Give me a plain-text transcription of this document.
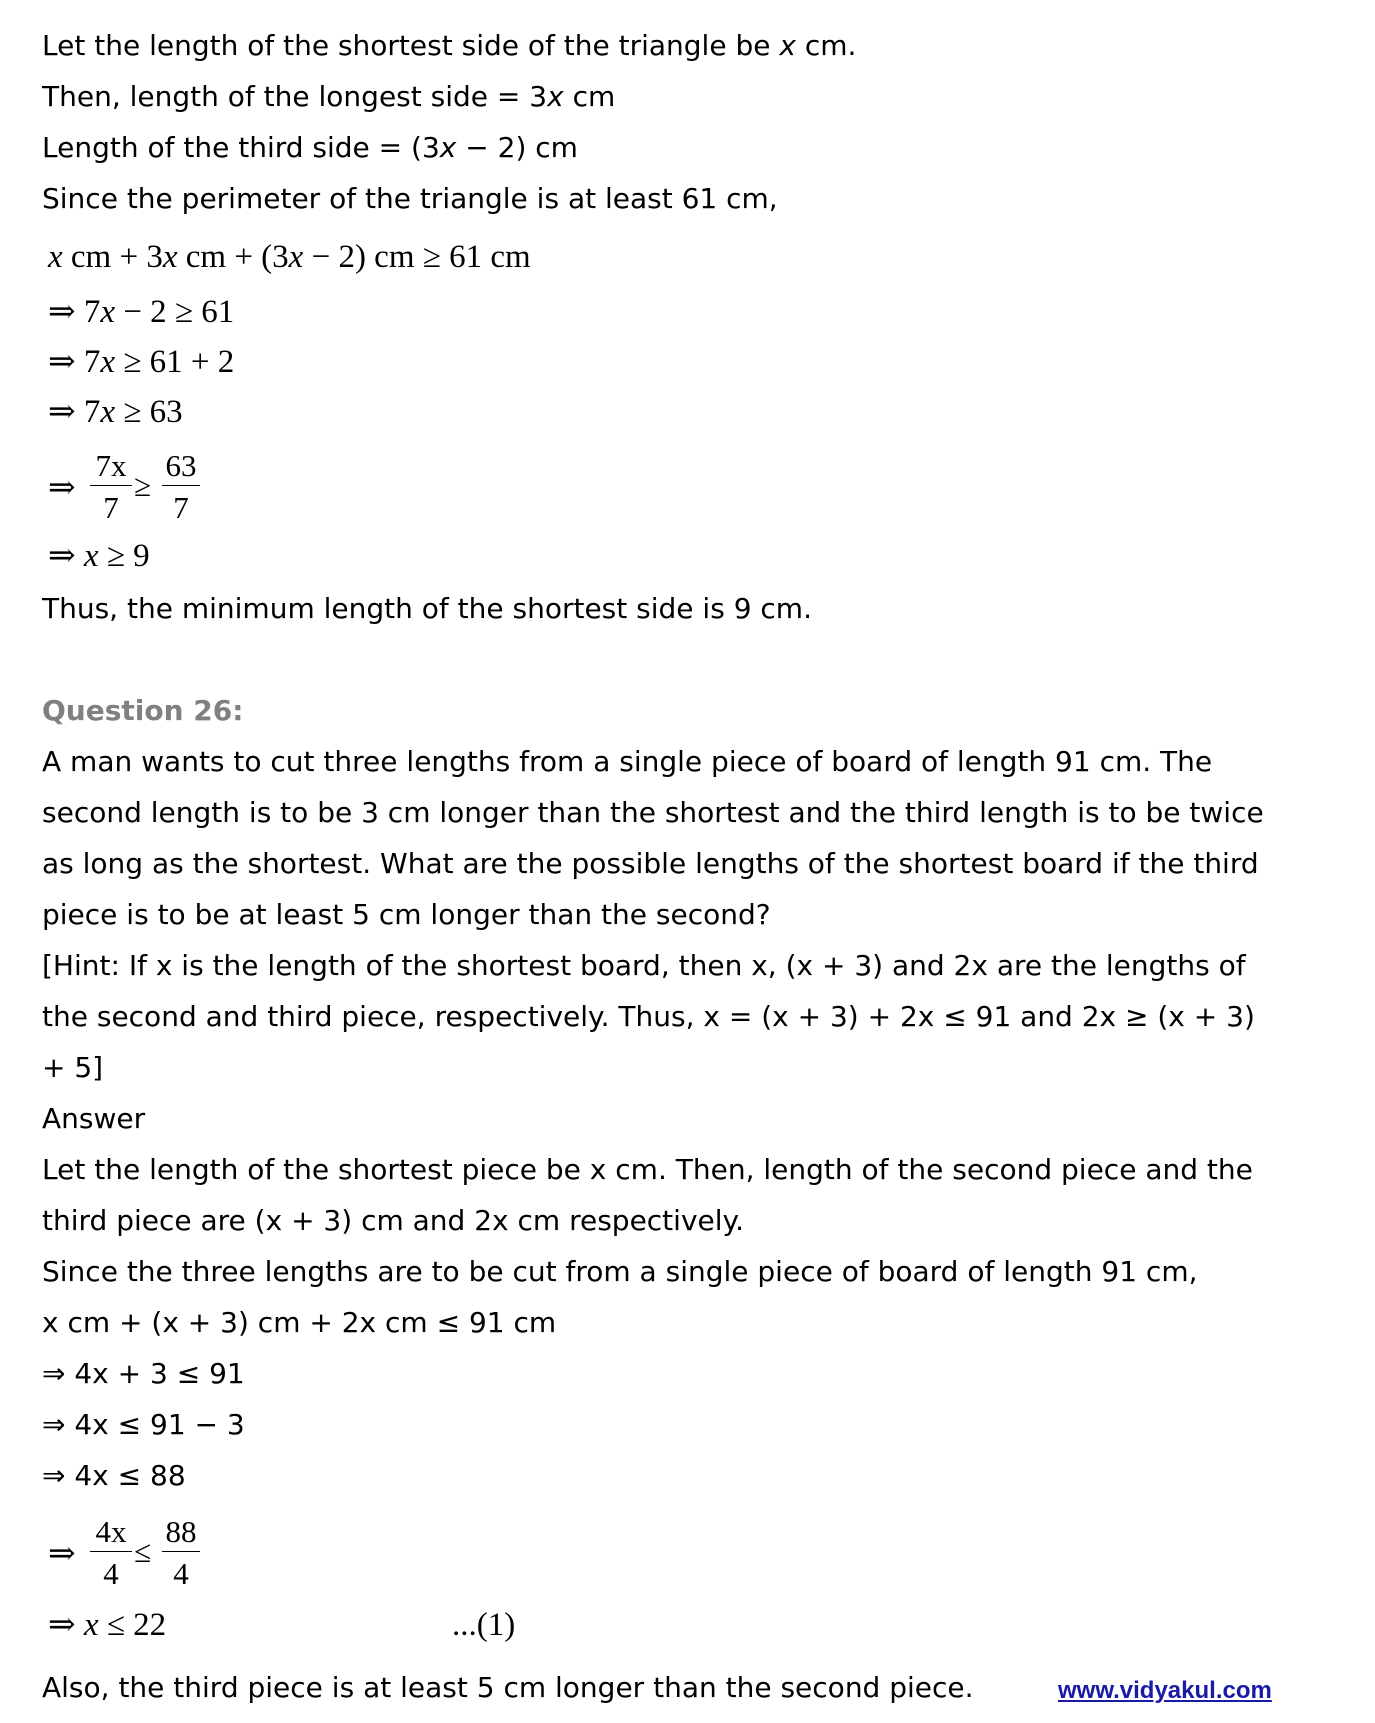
Let the length of the shortest side of the triangle be x cm.
Then, length of the longest side = 3x cm
Length of the third side = (3x − 2) cm
Since the perimeter of the triangle is at least 61 cm,
x cm + 3x cm + (3x − 2) cm ≥ 61 cm
⇒ 7x − 2 ≥ 61
⇒ 7x ≥ 61 + 2
⇒ 7x ≥ 63
⇒
7x
7
≥
63
7
⇒ x ≥ 9
Thus, the minimum length of the shortest side is 9 cm.
Question 26:
A man wants to cut three lengths from a single piece of board of length 91 cm. The
second length is to be 3 cm longer than the shortest and the third length is to be twice
as long as the shortest. What are the possible lengths of the shortest board if the third
piece is to be at least 5 cm longer than the second?
[Hint: If x is the length of the shortest board, then x, (x + 3) and 2x are the lengths of
the second and third piece, respectively. Thus, x = (x + 3) + 2x ≤ 91 and 2x ≥ (x + 3)
+ 5]
Answer
Let the length of the shortest piece be x cm. Then, length of the second piece and the
third piece are (x + 3) cm and 2x cm respectively.
Since the three lengths are to be cut from a single piece of board of length 91 cm,
x cm + (x + 3) cm + 2x cm ≤ 91 cm
⇒ 4x + 3 ≤ 91
⇒ 4x ≤ 91 − 3
⇒ 4x ≤ 88
⇒
4x
4
≤
88
4
⇒ x ≤ 22	...(1)
Also, the third piece is at least 5 cm longer than the second piece.	www.vidyakul.com
